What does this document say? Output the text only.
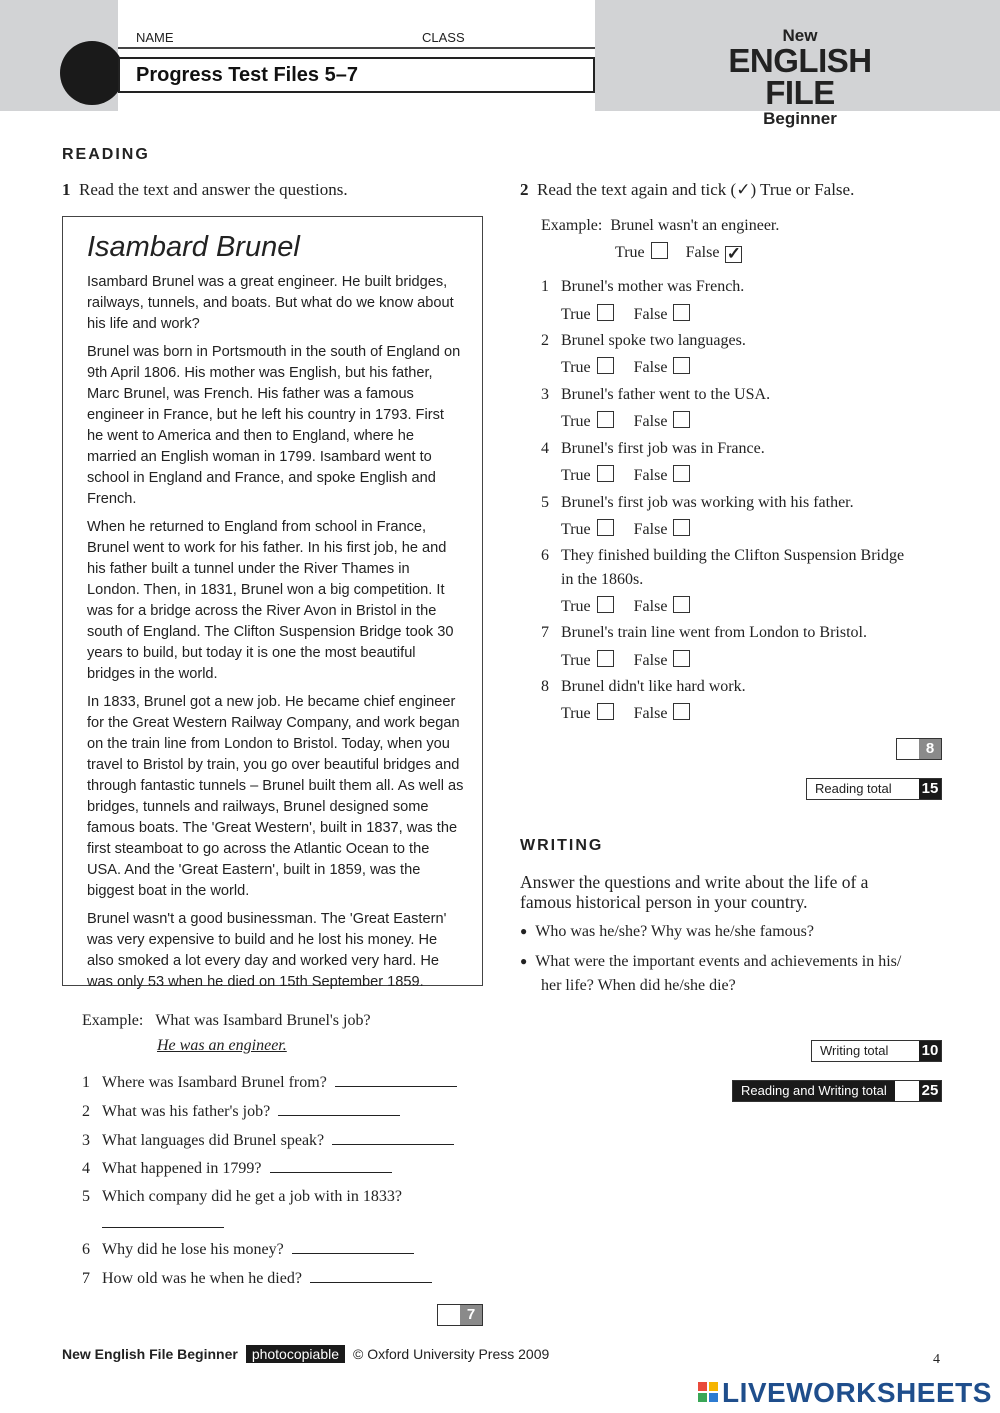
NAME	CLASS
Progress Test Files 5–7
New
ENGLISH FILE
Beginner
READING
1 Read the text and answer the questions.
Isambard Brunel

Isambard Brunel was a great engineer. He built bridges, railways, tunnels, and boats. But what do we know about his life and work?

Brunel was born in Portsmouth in the south of England on 9th April 1806. His mother was English, but his father, Marc Brunel, was French. His father was a famous engineer in France, but he left his country in 1793. First he went to America and then to England, where he married an English woman in 1799. Isambard went to school in England and France, and spoke English and French.

When he returned to England from school in France, Brunel went to work for his father. In his first job, he and his father built a tunnel under the River Thames in London. Then, in 1831, Brunel won a big competition. It was for a bridge across the River Avon in Bristol in the south of England. The Clifton Suspension Bridge took 30 years to build, but today it is one the most beautiful bridges in the world.

In 1833, Brunel got a new job. He became chief engineer for the Great Western Railway Company, and work began on the train line from London to Bristol. Today, when you travel to Bristol by train, you go over beautiful bridges and through fantastic tunnels – Brunel built them all. As well as bridges, tunnels and railways, Brunel designed some famous boats. The 'Great Western', built in 1837, was the first steamboat to go across the Atlantic Ocean to the USA. And the 'Great Eastern', built in 1859, was the biggest boat in the world.

Brunel wasn't a good businessman. The 'Great Eastern' was very expensive to build and he lost his money. He also smoked a lot every day and worked very hard. He was only 53 when he died on 15th September 1859.

Example: What was Isambard Brunel's job?
He was an engineer.
1 Where was Isambard Brunel from?
2 What was his father's job?
3 What languages did Brunel speak?
4 What happened in 1799?
5 Which company did he get a job with in 1833?
6 Why did he lose his money?
7 How old was he when he died?
7
2 Read the text again and tick (✓) True or False.
Example: Brunel wasn't an engineer.
True	False ✓
1 Brunel's mother was French.
True	False
2 Brunel spoke two languages.
True	False
3 Brunel's father went to the USA.
True	False
4 Brunel's first job was in France.
True	False
5 Brunel's first job was working with his father.
True	False
6 They finished building the Clifton Suspension Bridge
in the 1860s.
True	False
7 Brunel's train line went from London to Bristol.
True	False
8 Brunel didn't like hard work.
True	False
8
Reading total	15
WRITING
Answer the questions and write about the life of a famous historical person in your country.
● Who was he/she? Why was he/she famous?
● What were the important events and achievements in his/
her life? When did he/she die?
Writing total	10
Reading and Writing total	25
New English File Beginner photocopiable © Oxford University Press 2009	4
LIVEWORKSHEETS
